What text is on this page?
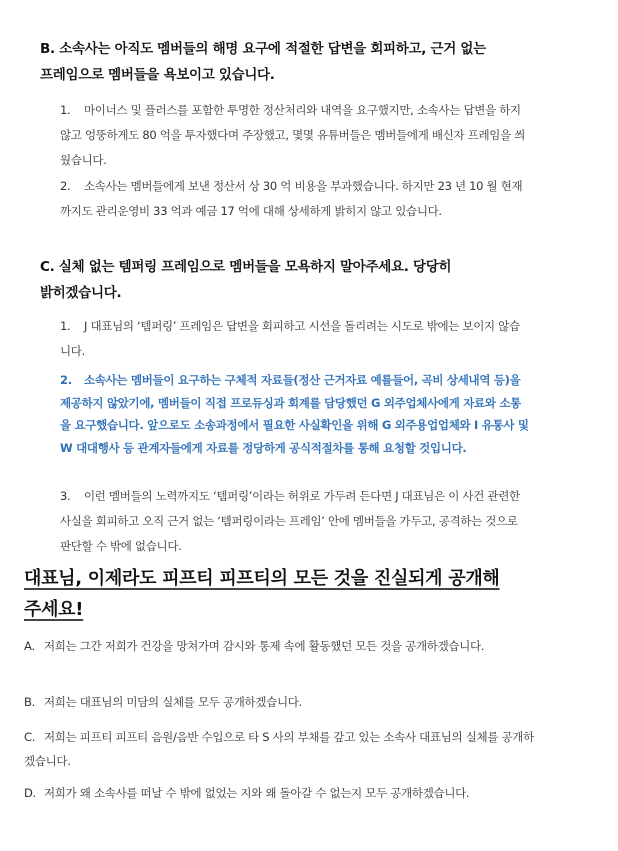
B. 소속사는 아직도 멤버들의 해명 요구에 적절한 답변을 회피하고, 근거 없는
프레임으로 멤버들을 욕보이고 있습니다.
1. 마이너스 및 플러스를 포함한 투명한 정산처리와 내역을 요구했지만, 소속사는 답변을 하지 않고 엉뚱하게도 80 억을 투자했다며 주장했고, 몇몇 유튜버들은 멤버들에게 배신자 프레임을 씌웠습니다.
2. 소속사는 멤버들에게 보낸 정산서 상 30 억 비용을 부과했습니다. 하지만 23 년 10 월 현재까지도 관리운영비 33 억과 예금 17 억에 대해 상세하게 밝히지 않고 있습니다.
C. 실체 없는 템퍼링 프레임으로 멤버들을 모욕하지 말아주세요. 당당히
밝히겠습니다.
1. J 대표님의 ‘템퍼링’ 프레임은 답변을 회피하고 시선을 돌리려는 시도로 밖에는 보이지 않습니다.
2. 소속사는 멤버들이 요구하는 구체적 자료들(정산 근거자료 예를들어, 곡비 상세내역 등)을 제공하지 않았기에, 멤버들이 직접 프로듀싱과 회계를 담당했던 G 외주업체사에게 자료와 소통을 요구했습니다. 앞으로도 소송과정에서 필요한 사실확인을 위해 G 외주용업업체와 I 유통사 및 W 대대행사 등 관계자들에게 자료를 정당하게 공식적절차를 통해 요청할 것입니다.
3. 이런 멤버들의 노력까지도 ‘템퍼링’이라는 허위로 가두려 든다면 J 대표님은 이 사건 관련한 사실을 회피하고 오직 근거 없는 ‘템퍼링이라는 프레임’ 안에 멤버들을 가두고, 공격하는 것으로 판단할 수 밖에 없습니다.
대표님, 이제라도 피프티 피프티의 모든 것을 진실되게 공개해
주세요!
A. 저희는 그간 저희가 건강을 망쳐가며 감시와 통제 속에 활동했던 모든 것을 공개하겠습니다.
B. 저희는 대표님의 미담의 실체를 모두 공개하겠습니다.
C. 저희는 피프티 피프티 음원/음반 수입으로 타 S 사의 부채를 갚고 있는 소속사 대표님의 실체를 공개하겠습니다.
D. 저희가 왜 소속사를 떠날 수 밖에 없었는 지와 왜 돌아갈 수 없는지 모두 공개하겠습니다.
